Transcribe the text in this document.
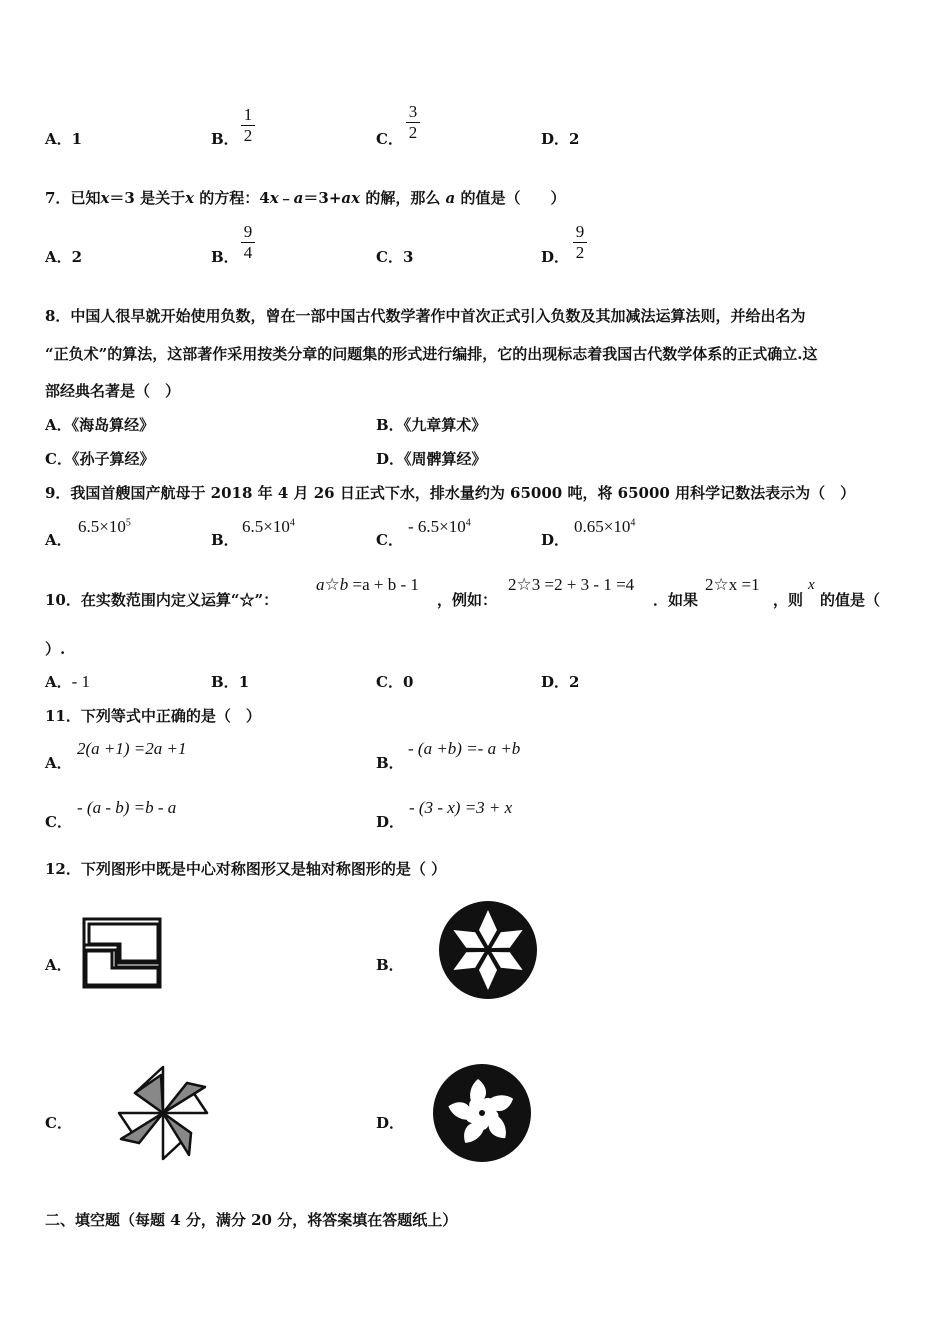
A．1	B．
1
2	C．
3
2	D．2
7．已知x＝3 是关于x 的方程：4x﹣a＝3+ax 的解，那么 a 的值是（　　）
A．2	B．
9
4	C．3	D．
9
2
8．中国人很早就开始使用负数，曾在一部中国古代数学著作中首次正式引入负数及其加减法运算法则，并给出名为
“正负术”的算法，这部著作采用按类分章的问题集的形式进行编排，它的出现标志着我国古代数学体系的正式确立.这
部经典名著是（　）
A．《海岛算经》	B．《九章算术》
C．《孙子算经》	D．《周髀算经》
9．我国首艘国产航母于 2018 年 4 月 26 日正式下水，排水量约为 65000 吨，将 65000 用科学记数法表示为（　）
A．
$6.5\times 10^5$
B．
$6.5\times 10^4$
C．
- $6.5\times 10^4$
D．
$0.65\times 10^4$
10．在实数范围内定义运算“☆”：
a☆b =a + b - 1
，例如：
2☆3 =2 + 3 - 1 =4
．如果
2☆x =1
，则
x
的值是（
）.
A．- 1	B．1	C．0	D．2
11．下列等式中正确的是（　）
A．
2(a +1) =2a +1
B．
- (a +b) =- a +b
C．
- (a - b) =b - a
D．
- (3 - x) =3 + x
12．下列图形中既是中心对称图形又是轴对称图形的是（ ）
A．	B．
C．	D．
二、填空题（每题 4 分，满分 20 分，将答案填在答题纸上）
